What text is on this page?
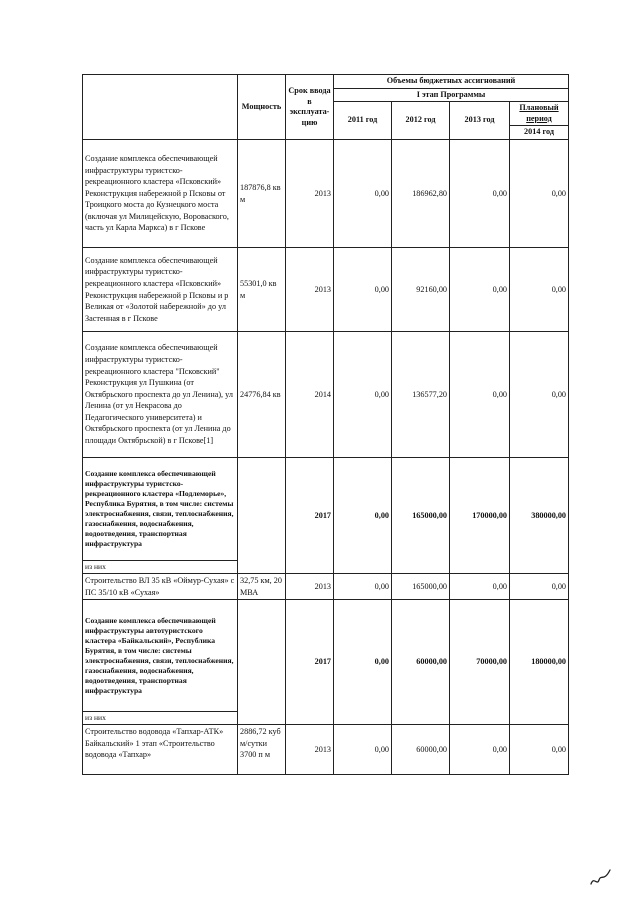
	Мощность	Срок ввода в эксплуата-цию	Объемы бюджетных ассигнований			
			I этап Программы			
			2011 год	2012 год	2013 год	Плановый период
						2014 год
Создание комплекса обеспечивающей инфраструктуры туристско-рекреационного кластера «Псковский» Реконструкция набережной р Псковы от Троицкого моста до Кузнецкого моста (включая ул Милицейскую, Вороваского, часть ул Карла Маркса) в г Пскове	187876,8 кв м	2013	0,00	186962,80	0,00	0,00
Создание комплекса обеспечивающей инфраструктуры туристско-рекреационного кластера «Псковский» Реконструкция набережной р Псковы и р Великая от «Золотой набережной» до ул Застенная в г Пскове	55301,0 кв м	2013	0,00	92160,00	0,00	0,00
Создание комплекса обеспечивающей инфраструктуры туристско-рекреационного кластера "Псковский" Реконструкция ул Пушкина (от Октябрьского проспекта до ул Ленина), ул Ленина (от ул Некрасова до Педагогического университета) и Октябрьского проспекта (от ул Ленина до площади Октябрьской) в г Пскове[1]	24776,84 кв	2014	0,00	136577,20	0,00	0,00
Создание комплекса обеспечивающей инфраструктуры туристско-рекреационного кластера «Подлеморье», Республика Бурятия, в том числе: системы электроснабжения, связи, теплоснабжения, газоснабжения, водоснабжения, водоотведения, транспортная инфраструктура		2017	0,00	165000,00	170000,00	380000,00
из них						
Строительство ВЛ 35 кВ «Оймур-Сухая» с ПС 35/10 кВ «Сухая»	32,75 км, 20 МВА	2013	0,00	165000,00	0,00	0,00
Создание комплекса обеспечивающей инфраструктуры автотуристского кластера «Байкальский», Республика Бурятия, в том числе: системы электроснабжения, связи, теплоснабжения, газоснабжения, водоснабжения, водоотведения, транспортная инфраструктура		2017	0,00	60000,00	70000,00	180000,00
из них						
Строительство водовода «Тапхар-АТК» Байкальский» 1 этап «Строительство водовода «Тапхар»	2886,72 куб м/сутки 3700 п м	2013	0,00	60000,00	0,00	0,00
